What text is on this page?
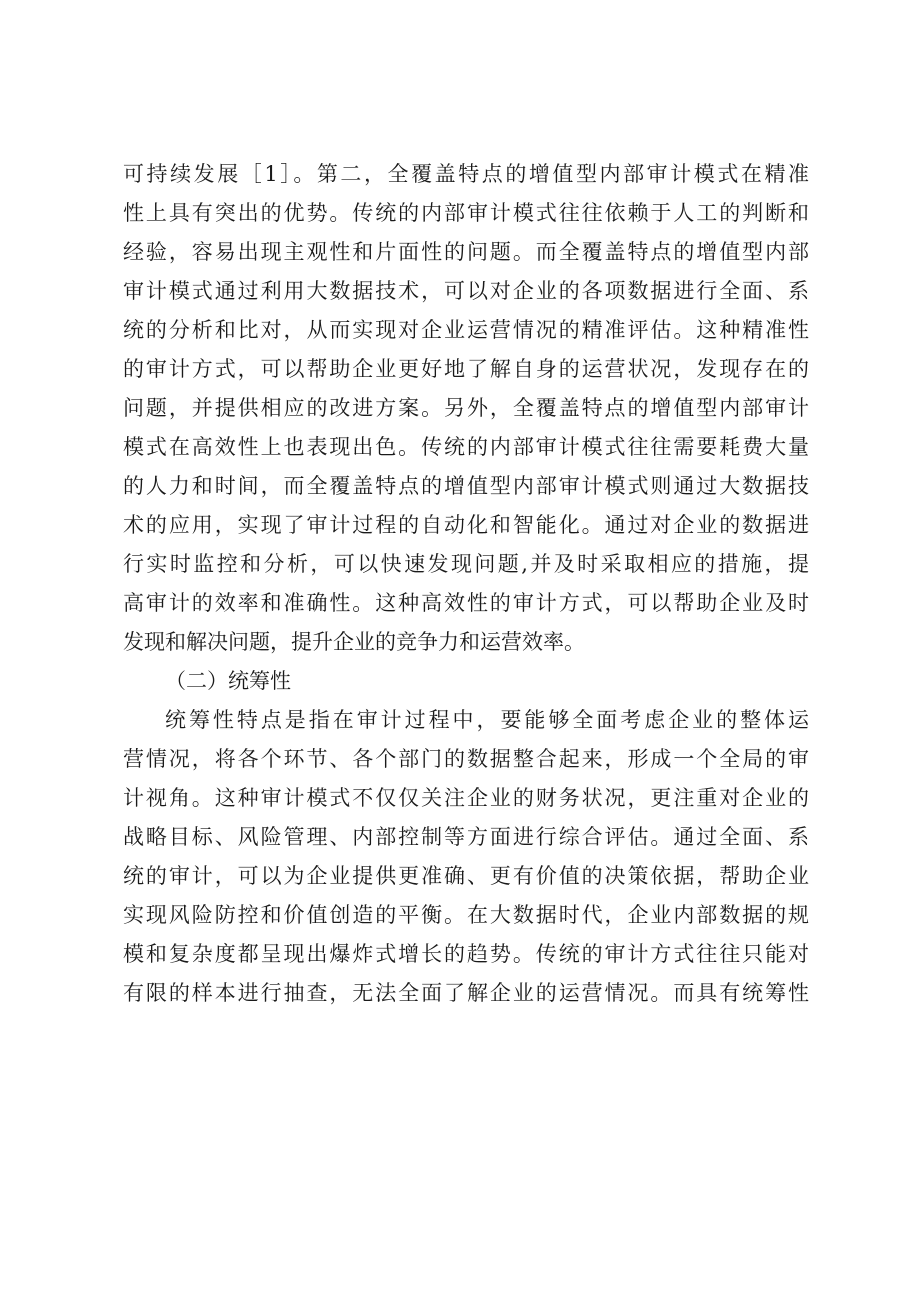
可持续发展［1］。第二，全覆盖特点的增值型内部审计模式在精准
性上具有突出的优势。传统的内部审计模式往往依赖于人工的判断和
经验，容易出现主观性和片面性的问题。而全覆盖特点的增值型内部
审计模式通过利用大数据技术，可以对企业的各项数据进行全面、系
统的分析和比对，从而实现对企业运营情况的精准评估。这种精准性
的审计方式，可以帮助企业更好地了解自身的运营状况，发现存在的
问题，并提供相应的改进方案。另外，全覆盖特点的增值型内部审计
模式在高效性上也表现出色。传统的内部审计模式往往需要耗费大量
的人力和时间，而全覆盖特点的增值型内部审计模式则通过大数据技
术的应用，实现了审计过程的自动化和智能化。通过对企业的数据进
行实时监控和分析，可以快速发现问题,并及时采取相应的措施，提
高审计的效率和准确性。这种高效性的审计方式，可以帮助企业及时
发现和解决问题，提升企业的竞争力和运营效率。
（二）统筹性
统筹性特点是指在审计过程中，要能够全面考虑企业的整体运
营情况，将各个环节、各个部门的数据整合起来，形成一个全局的审
计视角。这种审计模式不仅仅关注企业的财务状况，更注重对企业的
战略目标、风险管理、内部控制等方面进行综合评估。通过全面、系
统的审计，可以为企业提供更准确、更有价值的决策依据，帮助企业
实现风险防控和价值创造的平衡。在大数据时代，企业内部数据的规
模和复杂度都呈现出爆炸式增长的趋势。传统的审计方式往往只能对
有限的样本进行抽查，无法全面了解企业的运营情况。而具有统筹性
